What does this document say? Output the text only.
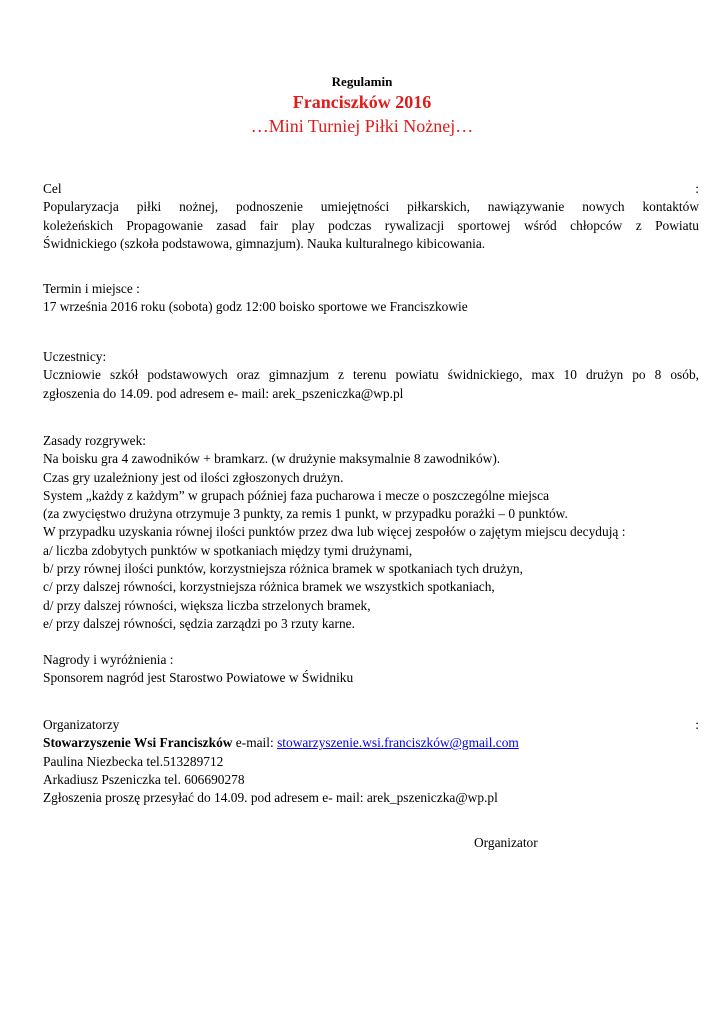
Regulamin
Franciszków 2016
…Mini Turniej Piłki Nożnej…
Cel	:
Popularyzacja piłki nożnej, podnoszenie umiejętności piłkarskich, nawiązywanie nowych kontaktów
koleżeńskich Propagowanie zasad fair play podczas rywalizacji sportowej wśród chłopców z Powiatu
Świdnickiego (szkoła podstawowa, gimnazjum). Nauka kulturalnego kibicowania.
Termin i miejsce :
17 września 2016 roku (sobota) godz 12:00 boisko sportowe we Franciszkowie
Uczestnicy:
Uczniowie szkół podstawowych oraz gimnazjum z terenu powiatu świdnickiego, max 10 drużyn po 8 osób,
zgłoszenia do 14.09. pod adresem e- mail: arek_pszeniczka@wp.pl
Zasady rozgrywek:
Na boisku gra 4 zawodników + bramkarz. (w drużynie maksymalnie 8 zawodników).
Czas gry uzależniony jest od ilości zgłoszonych drużyn.
System „każdy z każdym” w grupach później faza pucharowa i mecze o poszczególne miejsca
(za zwycięstwo drużyna otrzymuje 3 punkty, za remis 1 punkt, w przypadku porażki – 0 punktów.
W przypadku uzyskania równej ilości punktów przez dwa lub więcej zespołów o zajętym miejscu decydują :
a/ liczba zdobytych punktów w spotkaniach między tymi drużynami,
b/ przy równej ilości punktów, korzystniejsza różnica bramek w spotkaniach tych drużyn,
c/ przy dalszej równości, korzystniejsza różnica bramek we wszystkich spotkaniach,
d/ przy dalszej równości, większa liczba strzelonych bramek,
e/ przy dalszej równości, sędzia zarządzi po 3 rzuty karne.
Nagrody i wyróżnienia :
Sponsorem nagród jest Starostwo Powiatowe w Świdniku
Organizatorzy	:
Stowarzyszenie Wsi Franciszków e-mail: stowarzyszenie.wsi.franciszków@gmail.com
Paulina Niezbecka tel.513289712
Arkadiusz Pszeniczka tel. 606690278
Zgłoszenia proszę przesyłać do 14.09. pod adresem e- mail: arek_pszeniczka@wp.pl
Organizator
